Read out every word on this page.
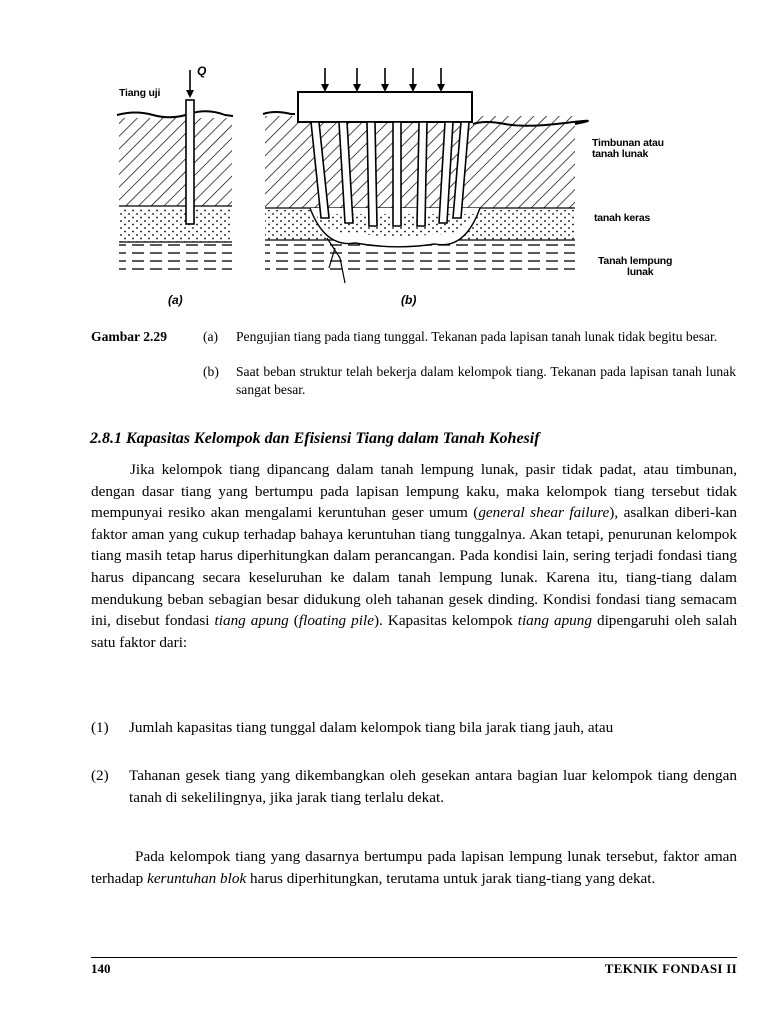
Q
Tiang uji
Timbunan atau
tanah lunak
tanah keras
Tanah lempung
lunak
(a)	(b)
Gambar 2.29	(a) Pengujian tiang pada tiang tunggal. Tekanan pada lapisan tanah lunak tidak begitu besar.
(b) Saat beban struktur telah bekerja dalam kelompok tiang. Tekanan pada lapisan tanah lunak sangat besar.
2.8.1 Kapasitas Kelompok dan Efisiensi Tiang dalam Tanah Kohesif

Jika kelompok tiang dipancang dalam tanah lempung lunak, pasir tidak padat, atau timbunan, dengan dasar tiang yang bertumpu pada lapisan lempung kaku, maka kelompok tiang tersebut tidak mempunyai resiko akan mengalami keruntuhan geser umum (general shear failure), asalkan diberi-kan faktor aman yang cukup terhadap bahaya keruntuhan tiang tunggalnya. Akan tetapi, penurunan kelompok tiang masih tetap harus diperhitungkan dalam perancangan. Pada kondisi lain, sering terjadi fondasi tiang harus dipancang secara keseluruhan ke dalam tanah lempung lunak. Karena itu, tiang-tiang dalam mendukung beban sebagian besar didukung oleh tahanan gesek dinding. Kondisi fondasi tiang semacam ini, disebut fondasi tiang apung (floating pile). Kapasitas kelompok tiang apung dipengaruhi oleh salah satu faktor dari:

(1) Jumlah kapasitas tiang tunggal dalam kelompok tiang bila jarak tiang jauh, atau
(2) Tahanan gesek tiang yang dikembangkan oleh gesekan antara bagian luar kelompok tiang dengan tanah di sekelilingnya, jika jarak tiang terlalu dekat.

Pada kelompok tiang yang dasarnya bertumpu pada lapisan lempung lunak tersebut, faktor aman terhadap keruntuhan blok harus diperhitungkan, terutama untuk jarak tiang-tiang yang dekat.

140	TEKNIK FONDASI II
